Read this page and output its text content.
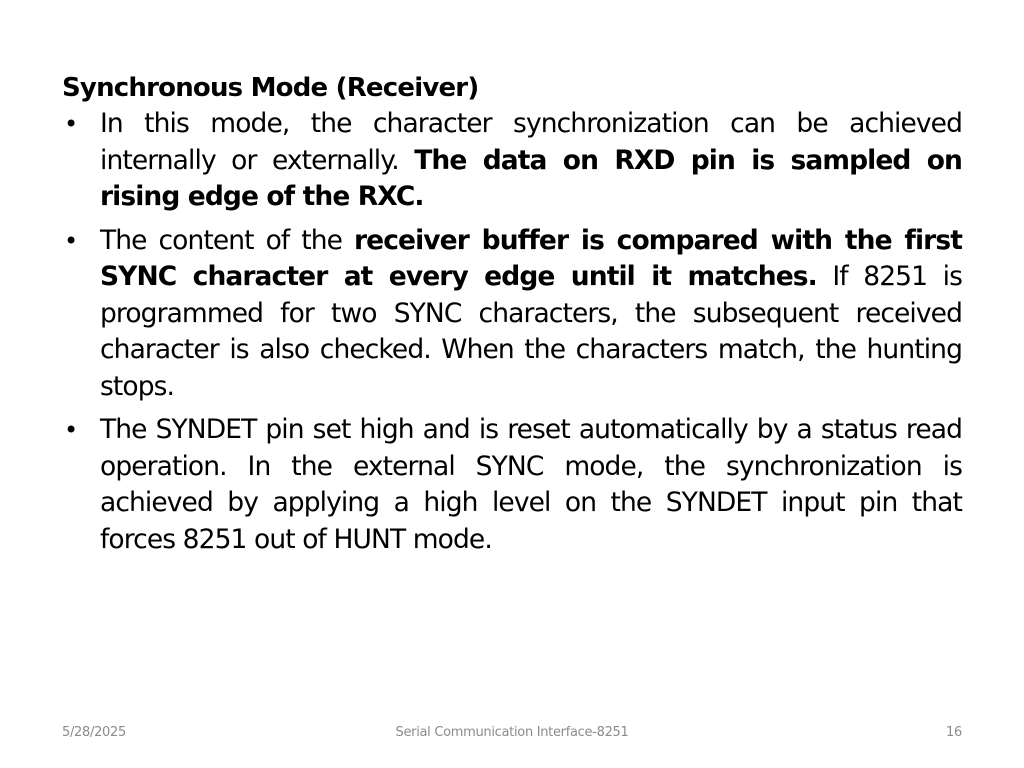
Synchronous Mode (Receiver)
• In this mode, the character synchronization can be achieved internally or externally. The data on RXD pin is sampled on rising edge of the RXC.
• The content of the receiver buffer is compared with the first SYNC character at every edge until it matches. If 8251 is programmed for two SYNC characters, the subsequent received character is also checked. When the characters match, the hunting stops.
• The SYNDET pin set high and is reset automatically by a status read operation. In the external SYNC mode, the synchronization is achieved by applying a high level on the SYNDET input pin that forces 8251 out of HUNT mode.
5/28/2025	Serial Communication Interface-8251	16
